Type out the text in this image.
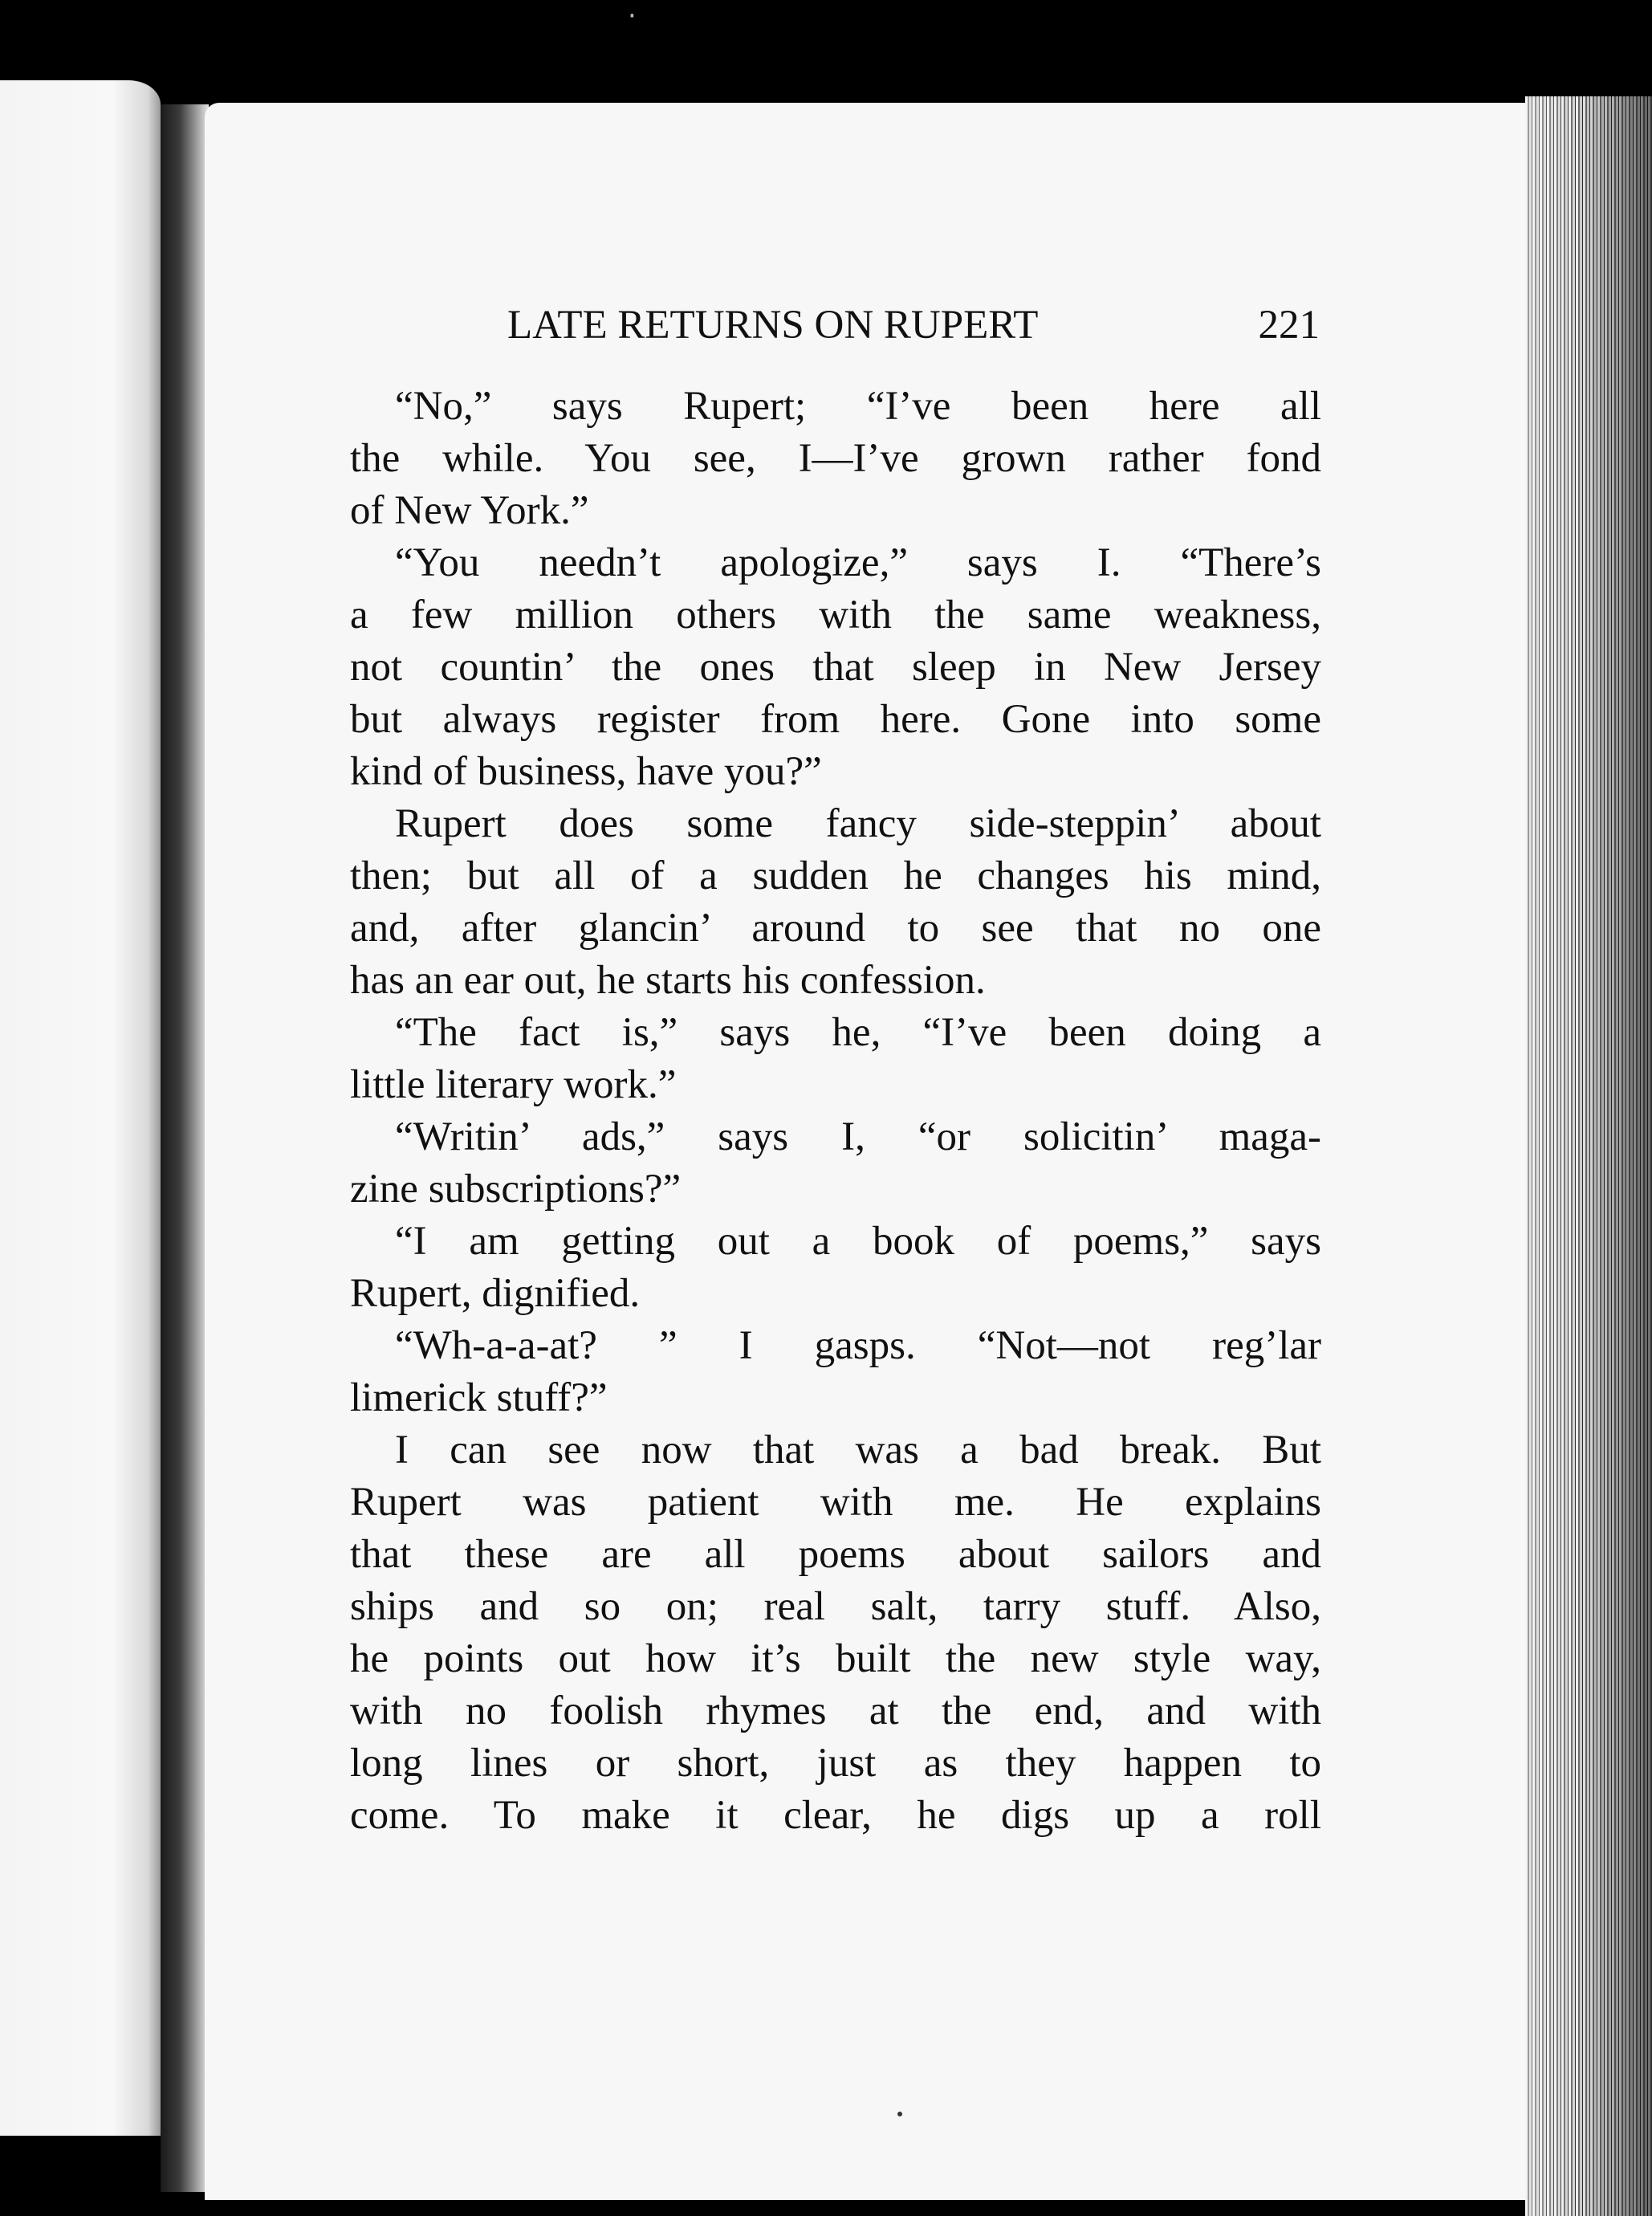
·
LATE RETURNS ON RUPERT	221
“No,” says Rupert; “I’ve been here all
the while. You see, I—I’ve grown rather fond
of New York.”
“You needn’t apologize,” says I. “There’s
a few million others with the same weakness,
not countin’ the ones that sleep in New Jersey
but always register from here. Gone into some
kind of business, have you?”
Rupert does some fancy side-steppin’ about
then; but all of a sudden he changes his mind,
and, after glancin’ around to see that no one
has an ear out, he starts his confession.
“The fact is,” says he, “I’ve been doing a
little literary work.”
“Writin’ ads,” says I, “or solicitin’ maga-
zine subscriptions?”
“I am getting out a book of poems,” says
Rupert, dignified.
“Wh-a-a-at? ” I gasps. “Not—not reg’lar
limerick stuff?”
I can see now that was a bad break. But
Rupert was patient with me. He explains
that these are all poems about sailors and
ships and so on; real salt, tarry stuff. Also,
he points out how it’s built the new style way,
with no foolish rhymes at the end, and with
long lines or short, just as they happen to
come. To make it clear, he digs up a roll
